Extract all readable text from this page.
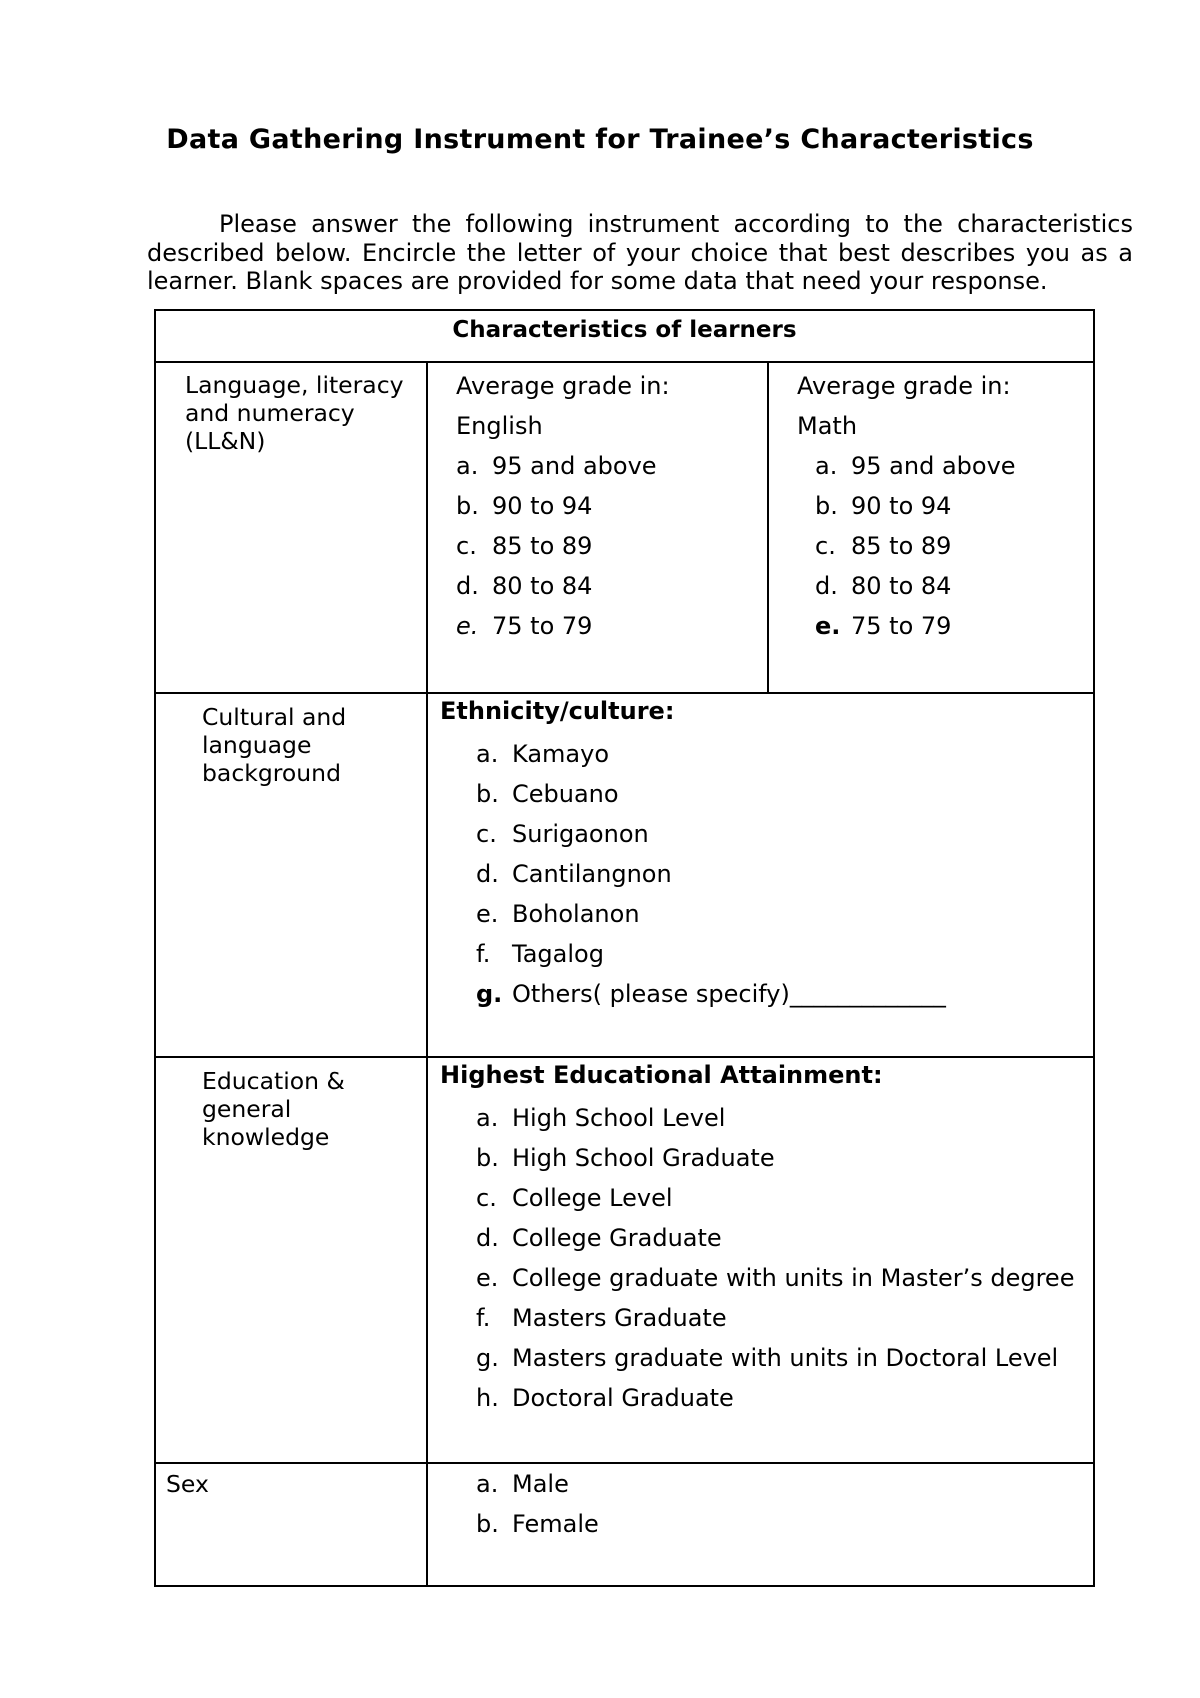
Data Gathering Instrument for Trainee’s Characteristics
Please answer the following instrument according to the characteristics
described below. Encircle the letter of your choice that best describes you as a
learner. Blank spaces are provided for some data that need your response.
Characteristics of learners
Language, literacy and numeracy (LL&N)
Average grade in:
English
a. 95 and above
b. 90 to 94
c. 85 to 89
d. 80 to 84
e. 75 to 79
Average grade in:
Math
a. 95 and above
b. 90 to 94
c. 85 to 89
d. 80 to 84
e. 75 to 79
Cultural and language background
Ethnicity/culture:
a. Kamayo
b. Cebuano
c. Surigaonon
d. Cantilangnon
e. Boholanon
f. Tagalog
g. Others( please specify)_____________
Education & general knowledge
Highest Educational Attainment:
a. High School Level
b. High School Graduate
c. College Level
d. College Graduate
e. College graduate with units in Master’s degree
f. Masters Graduate
g. Masters graduate with units in Doctoral Level
h. Doctoral Graduate
Sex	a. Male
b. Female
